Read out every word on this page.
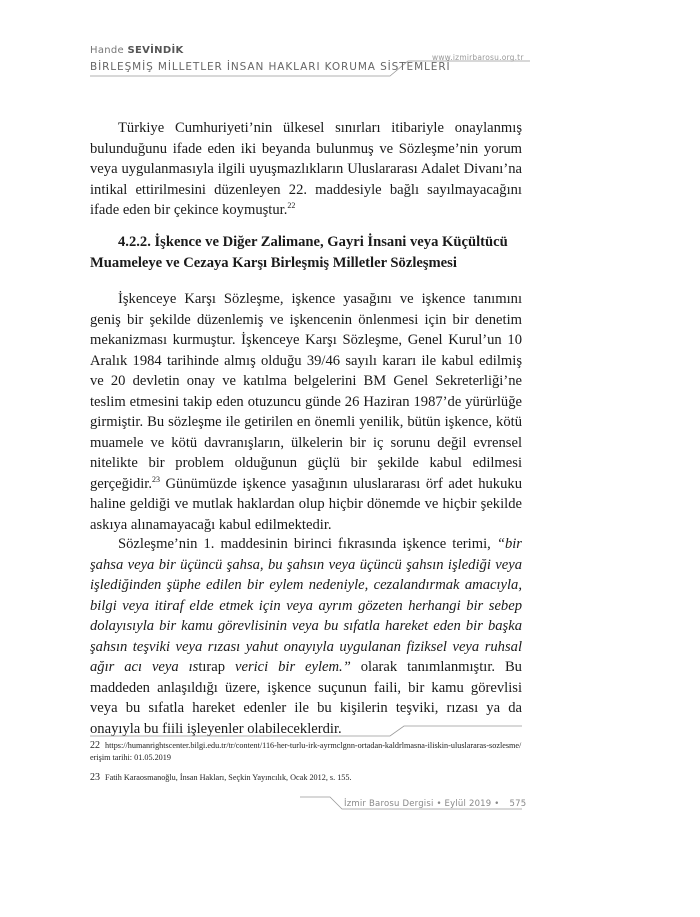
Hande SEVİNDİK
www.izmirbarosu.org.tr
BİRLEŞMİŞ MİLLETLER İNSAN HAKLARI KORUMA SİSTEMLERİ

Türkiye Cumhuriyeti’nin ülkesel sınırları itibariyle onaylanmış bulunduğunu ifade eden iki beyanda bulunmuş ve Sözleşme’nin yorum veya uygulanmasıyla ilgili uyuşmazlıkların Uluslararası Adalet Divanı’na intikal ettirilmesini düzenleyen 22. maddesiyle bağlı sayılmayacağını ifade eden bir çekince koymuştur.$^{22}$

4.2.2. İşkence ve Diğer Zalimane, Gayri İnsani veya Küçültücü
Muameleye ve Cezaya Karşı Birleşmiş Milletler Sözleşmesi

İşkenceye Karşı Sözleşme, işkence yasağını ve işkence tanımını geniş bir şekilde düzenlemiş ve işkencenin önlenmesi için bir denetim mekanizması kurmuştur. İşkenceye Karşı Sözleşme, Genel Kurul’un 10 Aralık 1984 tarihinde almış olduğu 39/46 sayılı kararı ile kabul edilmiş ve 20 devletin onay ve katılma belgelerini BM Genel Sekreterliği’ne teslim etmesini takip eden otuzuncu günde 26 Haziran 1987’de yürürlüğe girmiştir. Bu sözleşme ile getirilen en önemli yenilik, bütün işkence, kötü muamele ve kötü davranışların, ülkelerin bir iç sorunu değil evrensel nitelikte bir problem olduğunun güçlü bir şekilde kabul edilmesi gerçeğidir.$^{23}$ Günümüzde işkence yasağının uluslararası örf adet hukuku haline geldiği ve mutlak haklardan olup hiçbir dönemde ve hiçbir şekilde askıya alınamayacağı kabul edilmektedir.

Sözleşme’nin 1. maddesinin birinci fıkrasında işkence terimi, “bir şahsa veya bir üçüncü şahsa, bu şahsın veya üçüncü şahsın işlediği veya işlediğinden şüphe edilen bir eylem nedeniyle, cezalandırmak amacıyla, bilgi veya itiraf elde etmek için veya ayrım gözeten herhangi bir sebep dolayısıyla bir kamu görevlisinin veya bu sıfatla hareket eden bir başka şahsın teşviki veya rızası yahut onayıyla uygulanan fiziksel veya ruhsal ağır acı veya ıstırap verici bir eylem.” olarak tanımlanmıştır. Bu maddeden anlaşıldığı üzere, işkence suçunun faili, bir kamu görevlisi veya bu sıfatla hareket edenler ile bu kişilerin teşviki, rızası ya da onayıyla bu fiili işleyenler olabileceklerdir.

22 https://humanrightscenter.bilgi.edu.tr/tr/content/116-her-turlu-irk-ayrmclgnn-ortadan-kaldrlmasna-iliskin-uluslararas-sozlesme/ erişim tarihi: 01.05.2019
23 Fatih Karaosmanoğlu, İnsan Hakları, Seçkin Yayıncılık, Ocak 2012, s. 155.
İzmir Barosu Dergisi • Eylül 2019 • 575
